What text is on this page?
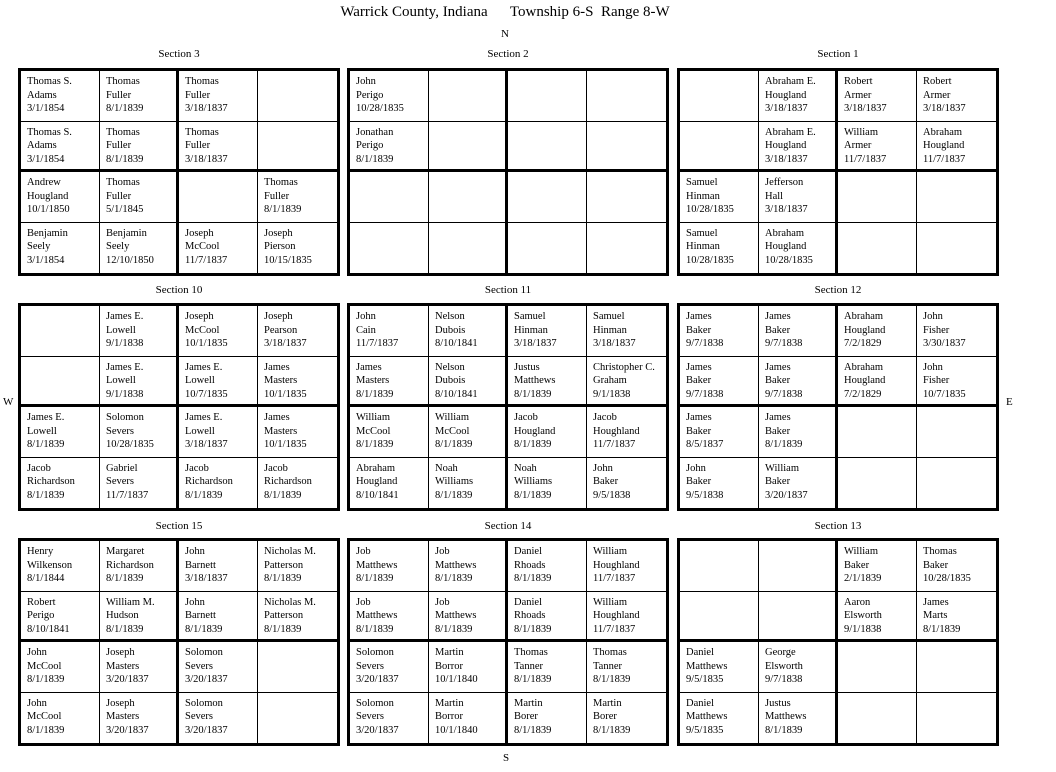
Warrick County, Indiana      Township 6-S  Range 8-W
N
S
W	E
Section 3
Thomas S.
Adams
3/1/1854
Thomas
Fuller
8/1/1839
Thomas
Fuller
3/18/1837
Thomas S.
Adams
3/1/1854
Thomas
Fuller
8/1/1839
Thomas
Fuller
3/18/1837
Andrew
Hougland
10/1/1850
Thomas
Fuller
5/1/1845
Thomas
Fuller
8/1/1839
Benjamin
Seely
3/1/1854
Benjamin
Seely
12/10/1850
Joseph
McCool
11/7/1837
Joseph
Pierson
10/15/1835
Section 2
John
Perigo
10/28/1835
Jonathan
Perigo
8/1/1839
Section 1
Abraham E.
Hougland
3/18/1837
Robert
Armer
3/18/1837
Robert
Armer
3/18/1837
Abraham E.
Hougland
3/18/1837
William
Armer
11/7/1837
Abraham
Hougland
11/7/1837
Samuel
Hinman
10/28/1835
Jefferson
Hall
3/18/1837
Samuel
Hinman
10/28/1835
Abraham
Hougland
10/28/1835
Section 10
James E.
Lowell
9/1/1838
Joseph
McCool
10/1/1835
Joseph
Pearson
3/18/1837
James E.
Lowell
9/1/1838
James E.
Lowell
10/7/1835
James
Masters
10/1/1835
James E.
Lowell
8/1/1839
Solomon
Severs
10/28/1835
James E.
Lowell
3/18/1837
James
Masters
10/1/1835
Jacob
Richardson
8/1/1839
Gabriel
Severs
11/7/1837
Jacob
Richardson
8/1/1839
Jacob
Richardson
8/1/1839
Section 11
John
Cain
11/7/1837
Nelson
Dubois
8/10/1841
Samuel
Hinman
3/18/1837
Samuel
Hinman
3/18/1837
James
Masters
8/1/1839
Nelson
Dubois
8/10/1841
Justus
Matthews
8/1/1839
Christopher C.
Graham
9/1/1838
William
McCool
8/1/1839
William
McCool
8/1/1839
Jacob
Hougland
8/1/1839
Jacob
Houghland
11/7/1837
Abraham
Hougland
8/10/1841
Noah
Williams
8/1/1839
Noah
Williams
8/1/1839
John
Baker
9/5/1838
Section 12
James
Baker
9/7/1838
James
Baker
9/7/1838
Abraham
Hougland
7/2/1829
John
Fisher
3/30/1837
James
Baker
9/7/1838
James
Baker
9/7/1838
Abraham
Hougland
7/2/1829
John
Fisher
10/7/1835
James
Baker
8/5/1837
James
Baker
8/1/1839
John
Baker
9/5/1838
William
Baker
3/20/1837
Section 15
Henry
Wilkenson
8/1/1844
Margaret
Richardson
8/1/1839
John
Barnett
3/18/1837
Nicholas M.
Patterson
8/1/1839
Robert
Perigo
8/10/1841
William M.
Hudson
8/1/1839
John
Barnett
8/1/1839
Nicholas M.
Patterson
8/1/1839
John
McCool
8/1/1839
Joseph
Masters
3/20/1837
Solomon
Severs
3/20/1837
John
McCool
8/1/1839
Joseph
Masters
3/20/1837
Solomon
Severs
3/20/1837
Section 14
Job
Matthews
8/1/1839
Job
Matthews
8/1/1839
Daniel
Rhoads
8/1/1839
William
Houghland
11/7/1837
Job
Matthews
8/1/1839
Job
Matthews
8/1/1839
Daniel
Rhoads
8/1/1839
William
Houghland
11/7/1837
Solomon
Severs
3/20/1837
Martin
Borror
10/1/1840
Thomas
Tanner
8/1/1839
Thomas
Tanner
8/1/1839
Solomon
Severs
3/20/1837
Martin
Borror
10/1/1840
Martin
Borer
8/1/1839
Martin
Borer
8/1/1839
Section 13
William
Baker
2/1/1839
Thomas
Baker
10/28/1835
Aaron
Elsworth
9/1/1838
James
Marts
8/1/1839
Daniel
Matthews
9/5/1835
George
Elsworth
9/7/1838
Daniel
Matthews
9/5/1835
Justus
Matthews
8/1/1839
